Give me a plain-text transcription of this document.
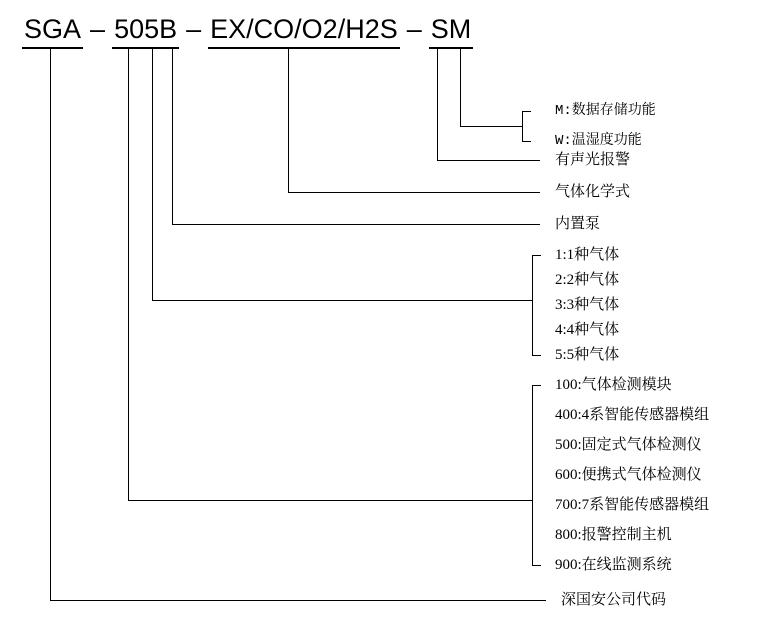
SGA – 505B – EX/CO/O2/H2S – SM
M:数据存储功能
W:温湿度功能
有声光报警
气体化学式
内置泵
深国安公司代码
1:1种气体
2:2种气体
3:3种气体
4:4种气体
5:5种气体
100:气体检测模块
400:4系智能传感器模组
500:固定式气体检测仪
600:便携式气体检测仪
700:7系智能传感器模组
800:报警控制主机
900:在线监测系统
